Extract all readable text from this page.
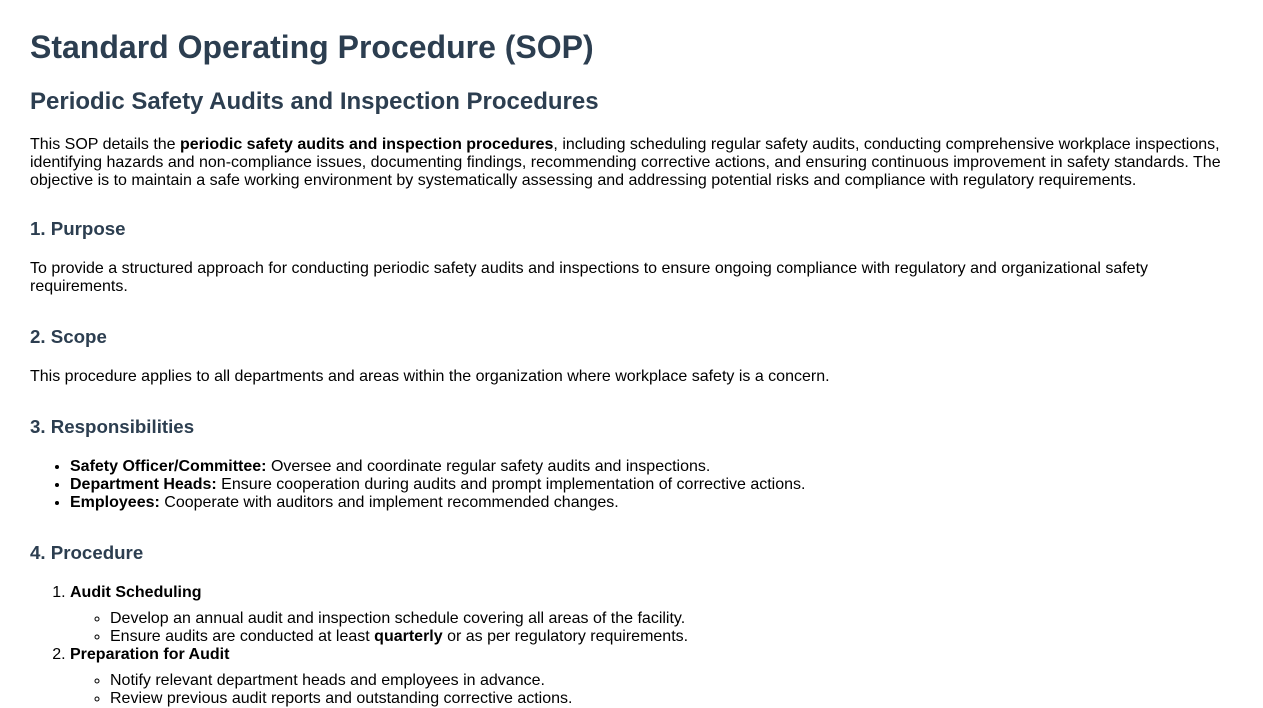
Standard Operating Procedure (SOP)
Periodic Safety Audits and Inspection Procedures

This SOP details the periodic safety audits and inspection procedures, including scheduling regular safety audits, conducting comprehensive workplace inspections, identifying hazards and non-compliance issues, documenting findings, recommending corrective actions, and ensuring continuous improvement in safety standards. The objective is to maintain a safe working environment by systematically assessing and addressing potential risks and compliance with regulatory requirements.

1. Purpose

To provide a structured approach for conducting periodic safety audits and inspections to ensure ongoing compliance with regulatory and organizational safety requirements.

2. Scope

This procedure applies to all departments and areas within the organization where workplace safety is a concern.

3. Responsibilities
• Safety Officer/Committee: Oversee and coordinate regular safety audits and inspections.
• Department Heads: Ensure cooperation during audits and prompt implementation of corrective actions.
• Employees: Cooperate with auditors and implement recommended changes.
4. Procedure
1. Audit Scheduling
◦ Develop an annual audit and inspection schedule covering all areas of the facility.
◦ Ensure audits are conducted at least quarterly or as per regulatory requirements.
2. Preparation for Audit
◦ Notify relevant department heads and employees in advance.
◦ Review previous audit reports and outstanding corrective actions.
